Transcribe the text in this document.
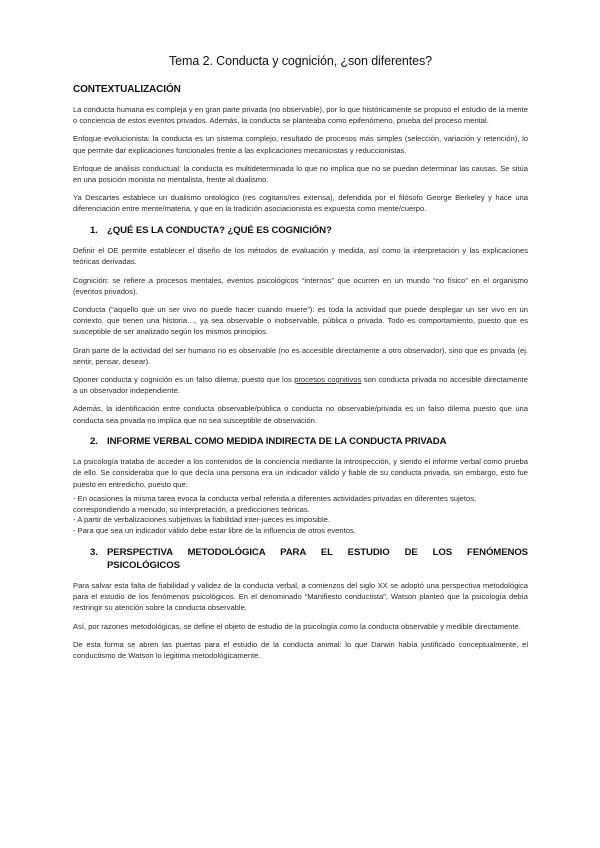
Tema 2. Conducta y cognición, ¿son diferentes?
CONTEXTUALIZACIÓN

La conducta humana es compleja y en gran parte privada (no observable), por lo que históricamente se propuso el estudio de la mente o conciencia de estos eventos privados. Además, la conducta se planteaba como epifenómeno, prueba del proceso mental.

Enfoque evolucionista: la conducta es un sistema complejo, resultado de procesos más simples (selección, variación y retención), lo que permite dar explicaciones funcionales frente a las explicaciones mecanicistas y reduccionistas.

Enfoque de análisis conductual: la conducta es multideterminada lo que no implica que no se puedan determinar las causas. Se sitúa en una posición monista no mentalista, frente al dualismo.

Ya Descartes establece un dualismo ontológico (res cogitans/res extensa), defendida por el filósofo George Berkeley y hace una diferenciación entre mente/materia, y que en la tradición asociacionista es expuesta como mente/cuerpo.

1. ¿QUÉ ES LA CONDUCTA? ¿QUÉ ES COGNICIÓN?

Definir el OE permite establecer el diseño de los métodos de evaluación y medida, así como la interpretación y las explicaciones teóricas derivadas.

Cognición: se refiere a procesos mentales, eventos psicológicos “internos” que ocurren en un mundo “no físico” en el organismo (eventos privados).

Conducta (“aquello que un ser vivo no puede hacer cuando muere”): es toda la actividad que puede desplegar un ser vivo en un contexto, que tienen una historia…, ya sea observable o inobservable, pública o privada. Todo es comportamiento, puesto que es susceptible de ser analizado según los mismos principios.

Gran parte de la actividad del ser humano no es observable (no es accesible directamente a otro observador), sino que es privada (ej. sentir, pensar, desear).

Oponer conducta y cognición es un falso dilema, puesto que los procesos cognitivos son conducta privada no accesible directamente a un observador independiente.

Además, la identificación entre conducta observable/pública o conducta no observable/privada es un falso dilema puesto que una conducta sea privada no implica que no sea susceptible de observación.

2. INFORME VERBAL COMO MEDIDA INDIRECTA DE LA CONDUCTA PRIVADA

La psicología trataba de acceder a los contenidos de la conciencia mediante la introspección, y siendo el informe verbal como prueba de ello. Se consideraba que lo que decía una persona era un indicador válido y fiable de su conducta privada, sin embargo, esto fue puesto en entredicho, puesto que:

- En ocasiones la misma tarea evoca la conducta verbal referida a diferentes actividades privadas en diferentes sujetos, correspondiendo a menudo, su interpretación, a predicciones teóricas.
- A partir de verbalizaciones subjetivas la fiabilidad inter-jueces es imposible.
- Para que sea un indicador válido debe estar libre de la influencia de otros eventos.
3. PERSPECTIVA METODOLÓGICA PARA EL ESTUDIO DE LOS FENÓMENOS PSICOLÓGICOS

Para salvar esta falta de fiabilidad y validez de la conducta verbal, a comienzos del siglo XX se adoptó una perspectiva metodológica para el estudio de los fenómenos psicológicos. En el denominado “Manifiesto conductista”, Watson planteó que la psicología debía restringir su atención sobre la conducta observable.

Así, por razones metodológicas, se define el objeto de estudio de la psicología como la conducta observable y medible directamente.

De esta forma se abren las puertas para el estudio de la conducta animal: lo que Darwin había justificado conceptualmente, el conductismo de Watson lo legitima metodológicamente.
